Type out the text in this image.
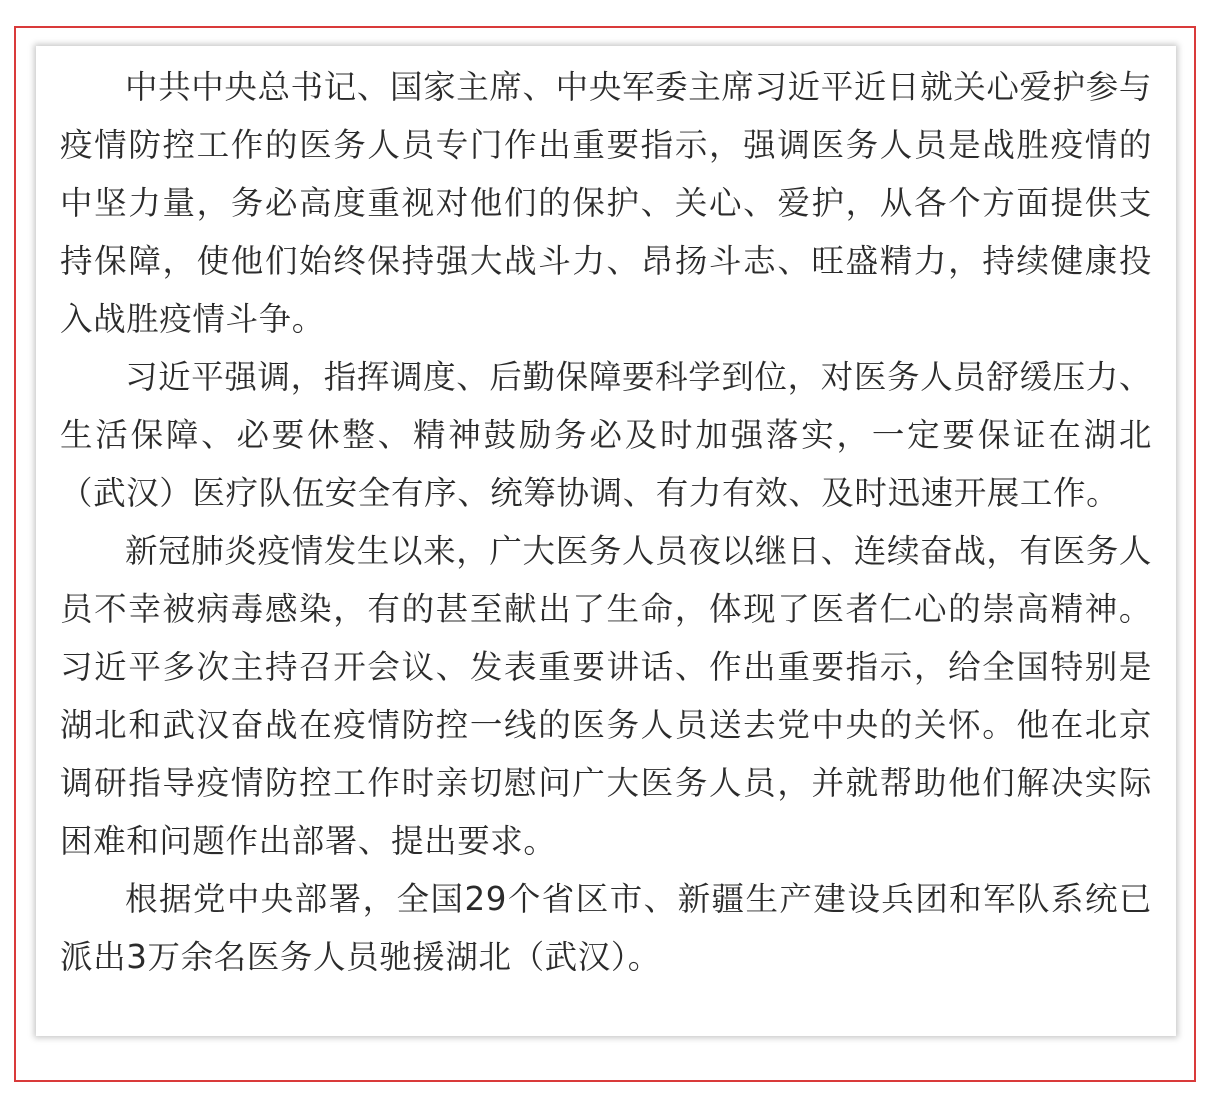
中共中央总书记、国家主席、中央军委主席习近平近日就关心爱护参与疫情防控工作的医务人员专门作出重要指示，强调医务人员是战胜疫情的中坚力量，务必高度重视对他们的保护、关心、爱护，从各个方面提供支持保障，使他们始终保持强大战斗力、昂扬斗志、旺盛精力，持续健康投入战胜疫情斗争。

习近平强调，指挥调度、后勤保障要科学到位，对医务人员舒缓压力、生活保障、必要休整、精神鼓励务必及时加强落实，一定要保证在湖北（武汉）医疗队伍安全有序、统筹协调、有力有效、及时迅速开展工作。

新冠肺炎疫情发生以来，广大医务人员夜以继日、连续奋战，有医务人员不幸被病毒感染，有的甚至献出了生命，体现了医者仁心的崇高精神。习近平多次主持召开会议、发表重要讲话、作出重要指示，给全国特别是湖北和武汉奋战在疫情防控一线的医务人员送去党中央的关怀。他在北京调研指导疫情防控工作时亲切慰问广大医务人员，并就帮助他们解决实际困难和问题作出部署、提出要求。

根据党中央部署，全国29个省区市、新疆生产建设兵团和军队系统已派出3万余名医务人员驰援湖北（武汉）。
